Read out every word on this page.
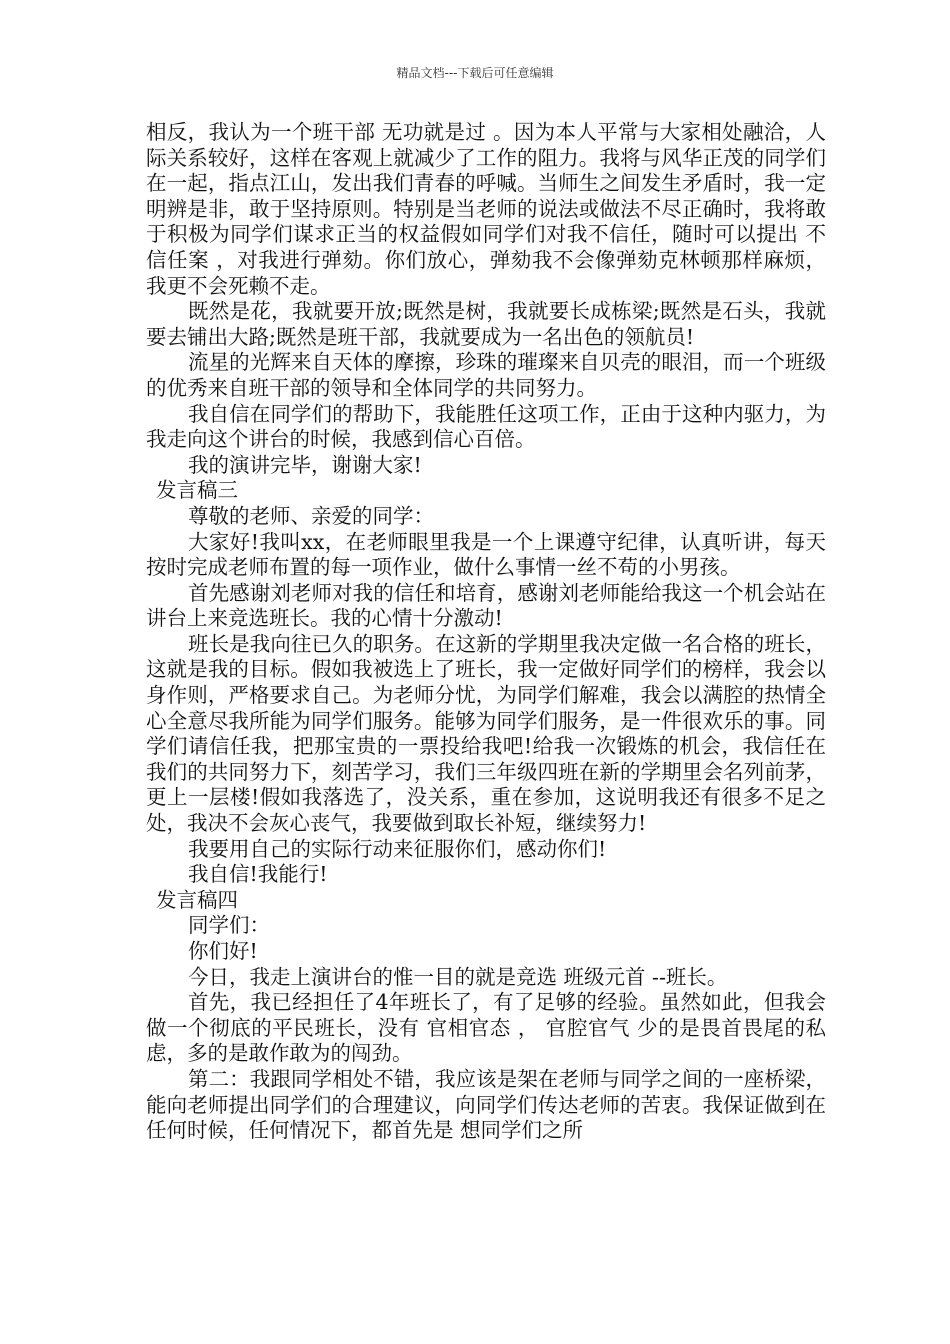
精品文档---下载后可任意编辑

相反，我认为一个班干部 无功就是过 。因为本人平常与大家相处融洽，人际关系较好，这样在客观上就减少了工作的阻力。我将与风华正茂的同学们在一起，指点江山，发出我们青春的呼喊。当师生之间发生矛盾时，我一定明辨是非，敢于坚持原则。特别是当老师的说法或做法不尽正确时，我将敢于积极为同学们谋求正当的权益假如同学们对我不信任，随时可以提出 不信任案 ，对我进行弹劾。你们放心，弹劾我不会像弹劾克林顿那样麻烦，我更不会死赖不走。

既然是花，我就要开放;既然是树，我就要长成栋梁;既然是石头，我就要去铺出大路;既然是班干部，我就要成为一名出色的领航员!

流星的光辉来自天体的摩擦，珍珠的璀璨来自贝壳的眼泪，而一个班级的优秀来自班干部的领导和全体同学的共同努力。

我自信在同学们的帮助下，我能胜任这项工作，正由于这种内驱力，为我走向这个讲台的时候，我感到信心百倍。

我的演讲完毕，谢谢大家!

发言稿三

尊敬的老师、亲爱的同学：

大家好!我叫xx，在老师眼里我是一个上课遵守纪律，认真听讲，每天按时完成老师布置的每一项作业，做什么事情一丝不苟的小男孩。

首先感谢刘老师对我的信任和培育，感谢刘老师能给我这一个机会站在讲台上来竞选班长。我的心情十分激动!

班长是我向往已久的职务。在这新的学期里我决定做一名合格的班长，这就是我的目标。假如我被选上了班长，我一定做好同学们的榜样，我会以身作则，严格要求自己。为老师分忧，为同学们解难，我会以满腔的热情全心全意尽我所能为同学们服务。能够为同学们服务，是一件很欢乐的事。同学们请信任我，把那宝贵的一票投给我吧!给我一次锻炼的机会，我信任在我们的共同努力下，刻苦学习，我们三年级四班在新的学期里会名列前茅，更上一层楼!假如我落选了，没关系，重在参加，这说明我还有很多不足之处，我决不会灰心丧气，我要做到取长补短，继续努力!

我要用自己的实际行动来征服你们，感动你们!

我自信!我能行!

发言稿四

同学们：

你们好!

今日，我走上演讲台的惟一目的就是竞选 班级元首 --班长。

首先，我已经担任了4年班长了，有了足够的经验。虽然如此，但我会做一个彻底的平民班长，没有 官相官态 ， 官腔官气 少的是畏首畏尾的私虑，多的是敢作敢为的闯劲。

第二：我跟同学相处不错，我应该是架在老师与同学之间的一座桥梁，能向老师提出同学们的合理建议，向同学们传达老师的苦衷。我保证做到在任何时候，任何情况下，都首先是 想同学们之所
